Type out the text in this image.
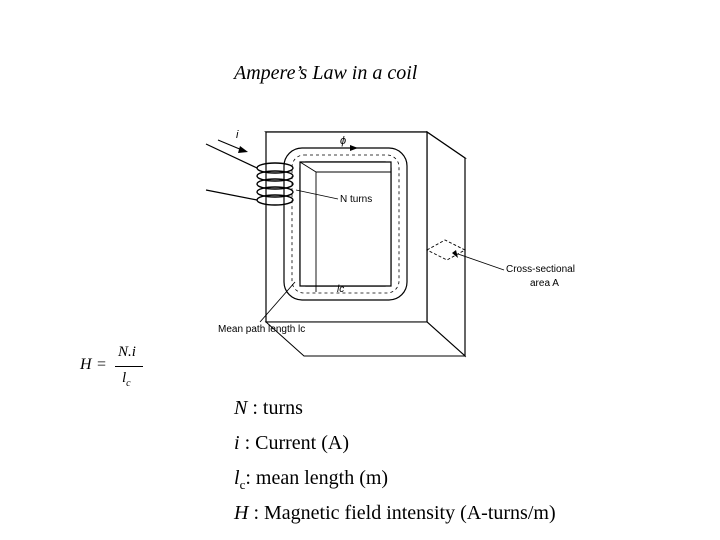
Ampere’s Law in a coil
i	ϕ
N turns
lc
Cross-sectional
area A
Mean path length lc
H =
N.i
$l_c$
N : turns
i : Current (A)
$l_c$: mean length (m)
H : Magnetic field intensity (A-turns/m)
